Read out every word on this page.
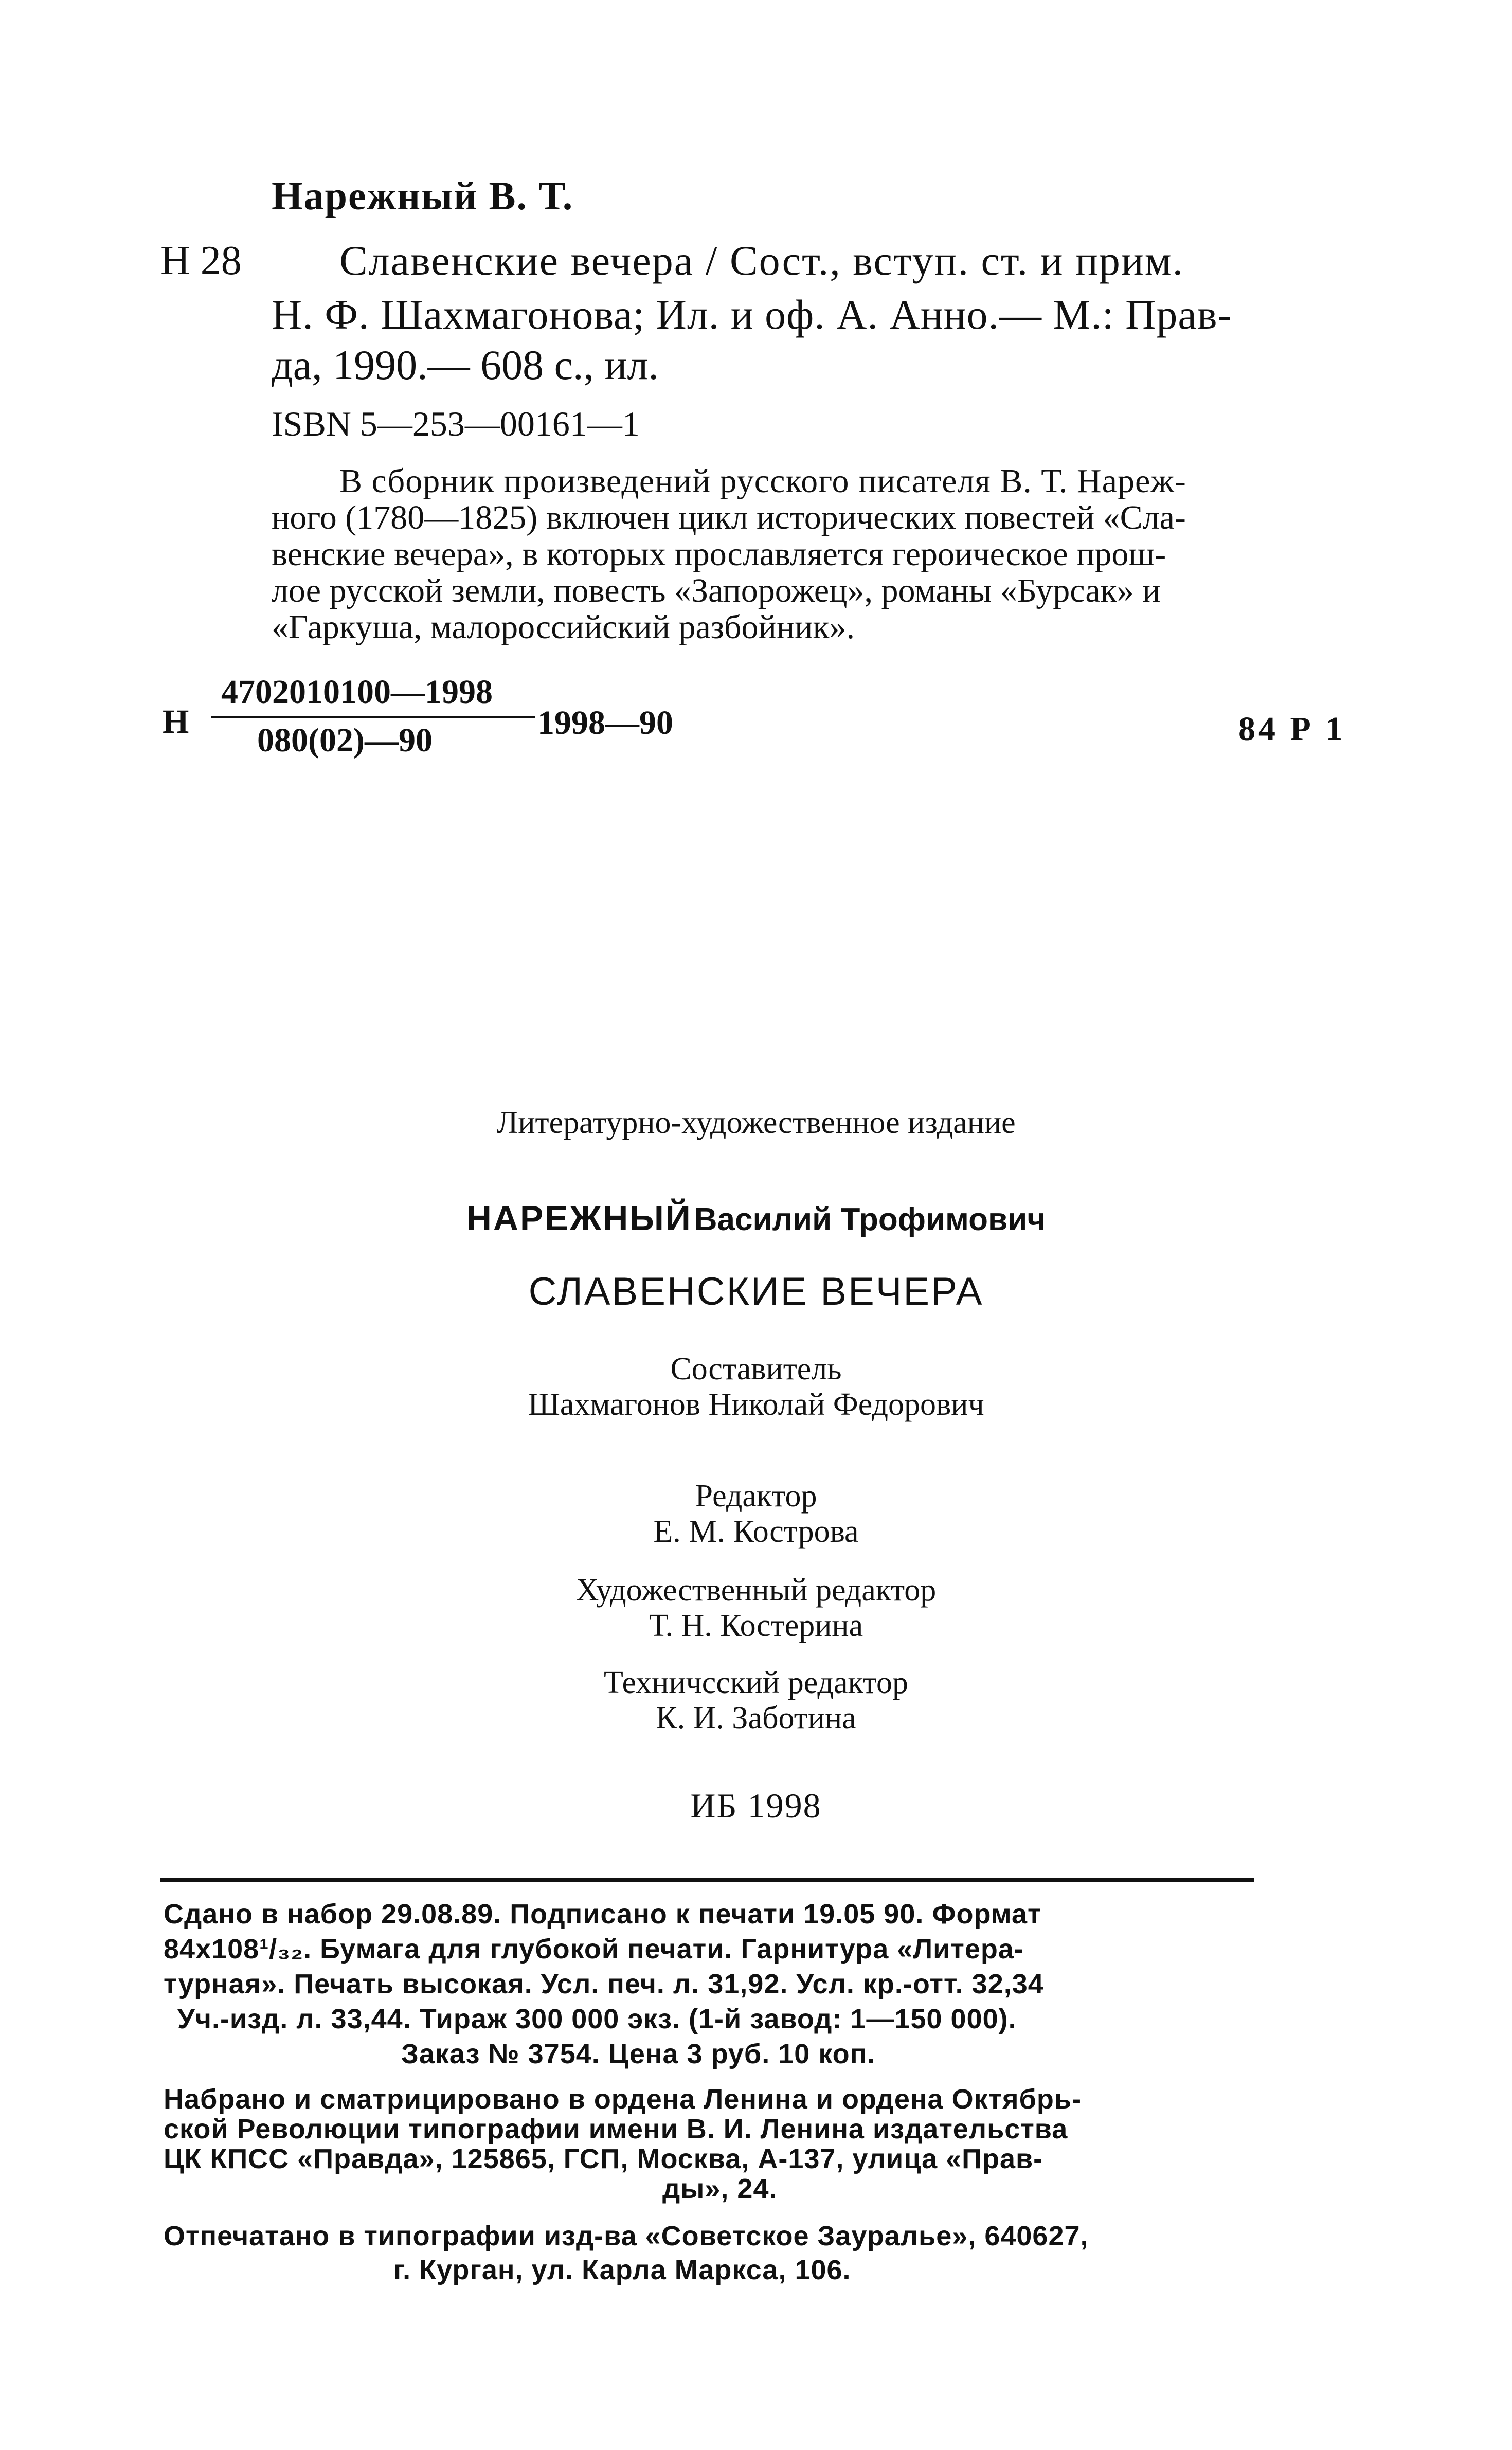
Нарежный В. Т.
Н 28 Славенские вечера / Сост., вступ. ст. и прим.
Н. Ф. Шахмагонова; Ил. и оф. А. Анно.— М.: Прав-
да, 1990.— 608 с., ил.
ISBN 5—253—00161—1
В сборник произведений русского писателя В. Т. Нареж-
ного (1780—1825) включен цикл исторических повестей «Сла-
венские вечера», в которых прославляется героическое прош-
лое русской земли, повесть «Запорожец», романы «Бурсак» и
«Гаркуша, малороссийский разбойник».
Н
4702010100—1998
080(02)—90	1998—90	84 Р 1
Литературно-художественное издание
НАРЕЖНЫЙ Василий Трофимович
СЛАВЕНСКИЕ ВЕЧЕРА
Составитель
Шахмагонов Николай Федорович
Редактор
Е. М. Кострова
Художественный редактор
Т. Н. Костерина
Техничсский редактор
К. И. Заботина
ИБ 1998
Сдано в набор 29.08.89. Подписано к печати 19.05 90. Формат
84х108¹/₃₂. Бумага для глубокой печати. Гарнитура «Литера-
турная». Печать высокая. Усл. печ. л. 31,92. Усл. кр.-отт. 32,34
Уч.-изд. л. 33,44. Тираж 300 000 экз. (1-й завод: 1—150 000).
Заказ № 3754. Цена 3 руб. 10 коп.
Набрано и сматрицировано в ордена Ленина и ордена Октябрь-
ской Революции типографии имени В. И. Ленина издательства
ЦК КПСС «Правда», 125865, ГСП, Москва, А-137, улица «Прав-
ды», 24.
Отпечатано в типографии изд-ва «Советское Зауралье», 640627,
г. Курган, ул. Карла Маркса, 106.
